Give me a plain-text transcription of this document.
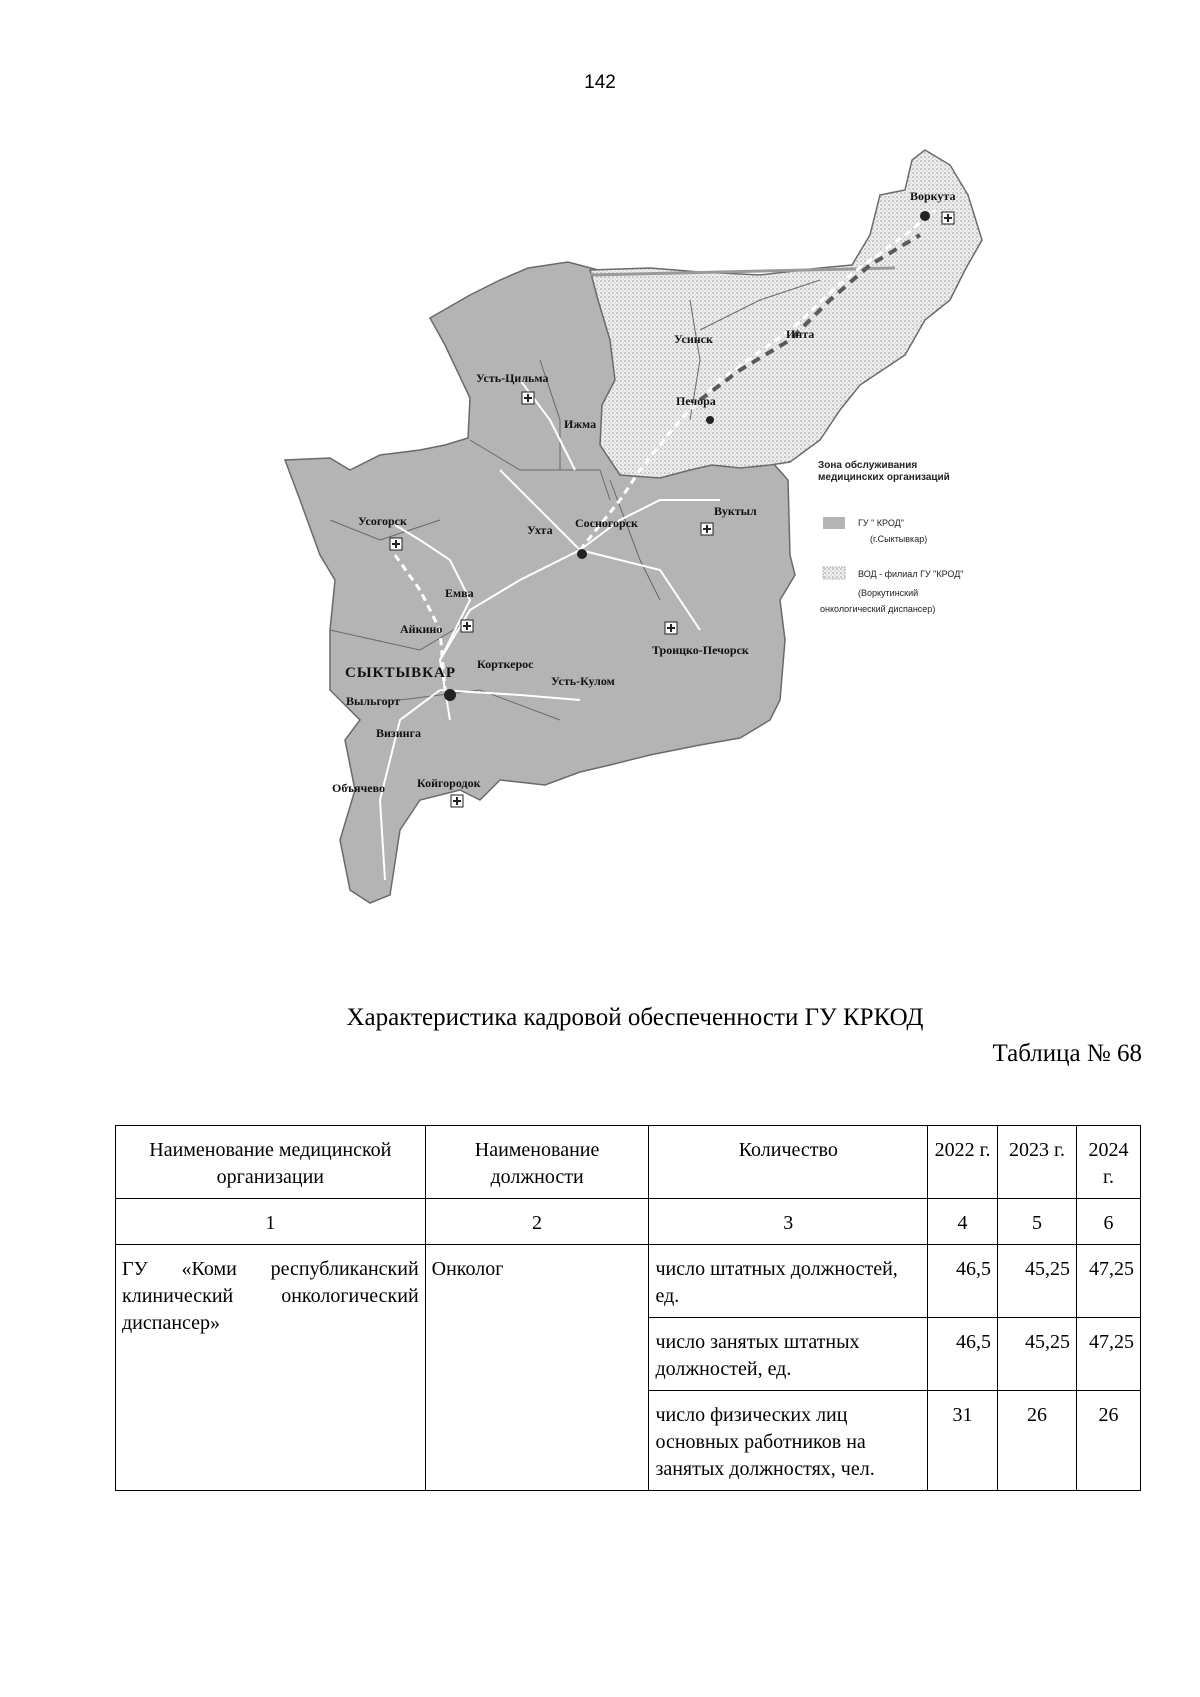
142
Воркута
Усинск	Инта
Усть-Цильма
Печора
Ижма
Вуктыл
Усогорск
Ухта Сосногорск
Емва
Айкино
Троицко-Печорск
СЫКТЫВКАР
Корткерос
Усть-Кулом
Выльгорт
Визинга
Объячево	Койгородок
Зона обслуживания
медицинских организаций
ГУ " КРОД"
(г.Сыктывкар)
ВОД - филиал ГУ "КРОД"
(Воркутинский
онкологический диспансер)
Характеристика кадровой обеспеченности ГУ КРКОД
Таблица № 68
Наименование медицинской организации	Наименование должности	Количество	2022 г.	2023 г.	2024 г.
1	2	3	4	5	6
ГУ «Коми республиканский клинический онкологический диспансер»	Онколог	число штатных должностей, ед.	46,5	45,25	47,25
		число занятых штатных должностей, ед.	46,5	45,25	47,25
		число физических лиц основных работников на занятых должностях, чел.	31	26	26
